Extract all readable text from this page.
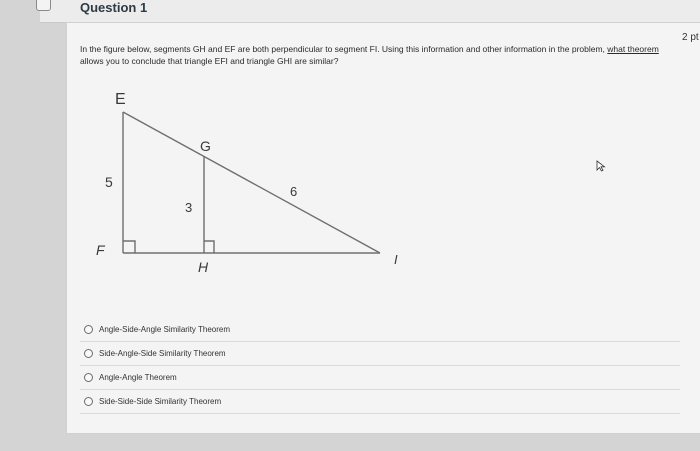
Question 1
2 pt
In the figure below, segments GH and EF are both perpendicular to segment FI. Using this information and other information in the problem, what theorem allows you to conclude that triangle EFI and triangle GHI are similar?
E
G
F
H	I
5
3
6
Angle-Side-Angle Similarity Theorem
Side-Angle-Side Similarity Theorem
Angle-Angle Theorem
Side-Side-Side Similarity Theorem
